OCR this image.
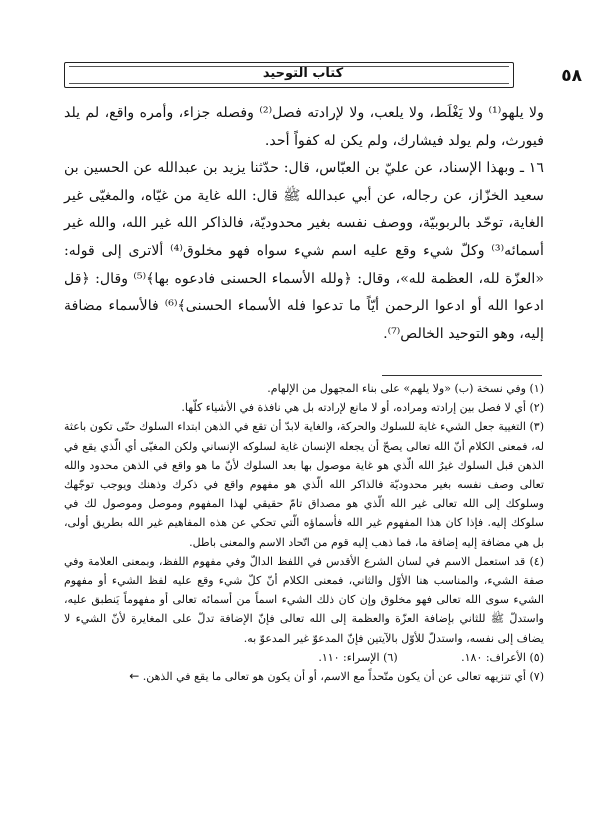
٥٨
كتاب التوحيد

ولا يلهو⁽¹⁾ ولا يَغْلَط، ولا يلعب، ولا لإرادته فصل⁽²⁾ وفصله جزاء، وأمره واقع، لم يلد فيورث، ولم يولد فيشارك، ولم يكن له كفواً أحد.

١٦ ـ وبهذا الإسناد، عن عليّ بن العبّاس، قال: حدّثنا يزيد بن عبدالله عن الحسين بن سعيد الخزّاز، عن رجاله، عن أبي عبدالله ﷺ قال: الله غاية من غيّاه، والمغيّى غير الغاية، توحّد بالربوبيّة، ووصف نفسه بغير محدوديّة، فالذاكر الله غير الله، والله غير أسمائه⁽³⁾ وكلّ شيء وقع عليه اسم شيء سواه فهو مخلوق⁽⁴⁾ ألاترى إلى قوله: «العزّة لله، العظمة لله»، وقال: ﴿ولله الأسماء الحسنى فادعوه بها﴾⁽⁵⁾ وقال: ﴿قل ادعوا الله أو ادعوا الرحمن أيّاً ما تدعوا فله الأسماء الحسنى﴾⁽⁶⁾ فالأسماء مضافة إليه، وهو التوحيد الخالص⁽⁷⁾.

(١) وفي نسخة (ب) «ولا يلهم» على بناء المجهول من الإلهام.

(٢) أي لا فصل بين إرادته ومراده، أو لا مانع لإرادته بل هي نافذة في الأشياء كلّها.

(٣) التغيية جعل الشيء غاية للسلوك والحركة، والغاية لابدّ أن تقع في الذهن ابتداء السلوك حتّى تكون باعثة له، فمعنى الكلام أنّ الله تعالى يصحّ أن يجعله الإنسان غاية لسلوكه الإنساني ولكن المغيّى أي الّذي يقع في الذهن قبل السلوك غيرُ الله الّذي هو غاية موصول بها بعد السلوك لأنّ ما هو واقع في الذهن محدود والله تعالى وصف نفسه بغير محدوديّة فالذاكر الله الّذي هو مفهوم واقع في ذكرك وذهنك ويوجب توجّهك وسلوكك إلى الله تعالى غير الله الّذي هو مصداق تامّ حقيقي لهذا المفهوم وموصل وموصول لك في سلوكك إليه. فإذا كان هذا المفهوم غير الله فأسماؤه الّتي تحكي عن هذه المفاهيم غير الله بطريق أولى، بل هي مضافة إليه إضافة ما، فما ذهب إليه قوم من اتّحاد الاسم والمعنى باطل.

(٤) قد استعمل الاسم في لسان الشرع الأقدس في اللفظ الدالّ وفي مفهوم اللفظ، وبمعنى العلامة وفي صفة الشيء، والمناسب هنا الأوّل والثاني، فمعنى الكلام أنّ كلّ شيء وقع عليه لفظ الشيء أو مفهوم الشيء سوى الله تعالى فهو مخلوق وإن كان ذلك الشيء اسماً من أسمائه تعالى أو مفهوماً يَنطبق عليه، واستدلّ ﷺ للثاني بإضافة العزّة والعظمة إلى الله تعالى فإنّ الإضافة تدلّ على المغايرة لأنّ الشيء لا يضاف إلى نفسه، واستدلّ للأوّل بالآيتين فإنّ المدعوّ غير المدعوّ به.

(٥) الأعراف: ١٨٠. (٦) الإسراء: ١١٠.

(٧) أي تنزيهه تعالى عن أن يكون متّحداً مع الاسم، أو أن يكون هو تعالى ما يقع في الذهن. ←
